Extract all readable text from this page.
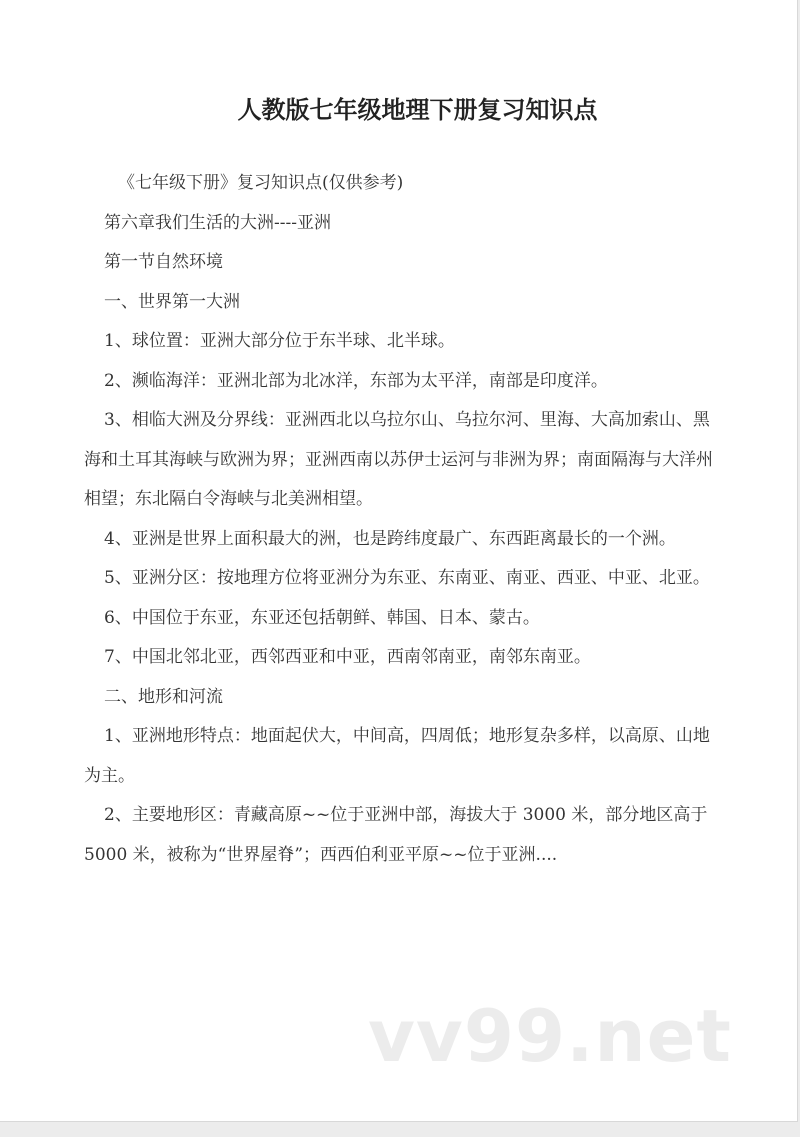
人教版七年级地理下册复习知识点

《七年级下册》复习知识点(仅供参考)

第六章我们生活的大洲----亚洲

第一节自然环境

一、世界第一大洲

1、球位置：亚洲大部分位于东半球、北半球。

2、濒临海洋：亚洲北部为北冰洋，东部为太平洋，南部是印度洋。

3、相临大洲及分界线：亚洲西北以乌拉尔山、乌拉尔河、里海、大高加索山、黑海和土耳其海峡与欧洲为界；亚洲西南以苏伊士运河与非洲为界；南面隔海与大洋州相望；东北隔白令海峡与北美洲相望。

4、亚洲是世界上面积最大的洲，也是跨纬度最广、东西距离最长的一个洲。

5、亚洲分区：按地理方位将亚洲分为东亚、东南亚、南亚、西亚、中亚、北亚。

6、中国位于东亚，东亚还包括朝鲜、韩国、日本、蒙古。

7、中国北邻北亚，西邻西亚和中亚，西南邻南亚，南邻东南亚。

二、地形和河流

1、亚洲地形特点：地面起伏大，中间高，四周低；地形复杂多样，以高原、山地为主。

2、主要地形区：青藏高原~~位于亚洲中部，海拔大于 3000 米，部分地区高于 5000 米，被称为“世界屋脊”；西西伯利亚平原~~位于亚洲....

vv99.net
